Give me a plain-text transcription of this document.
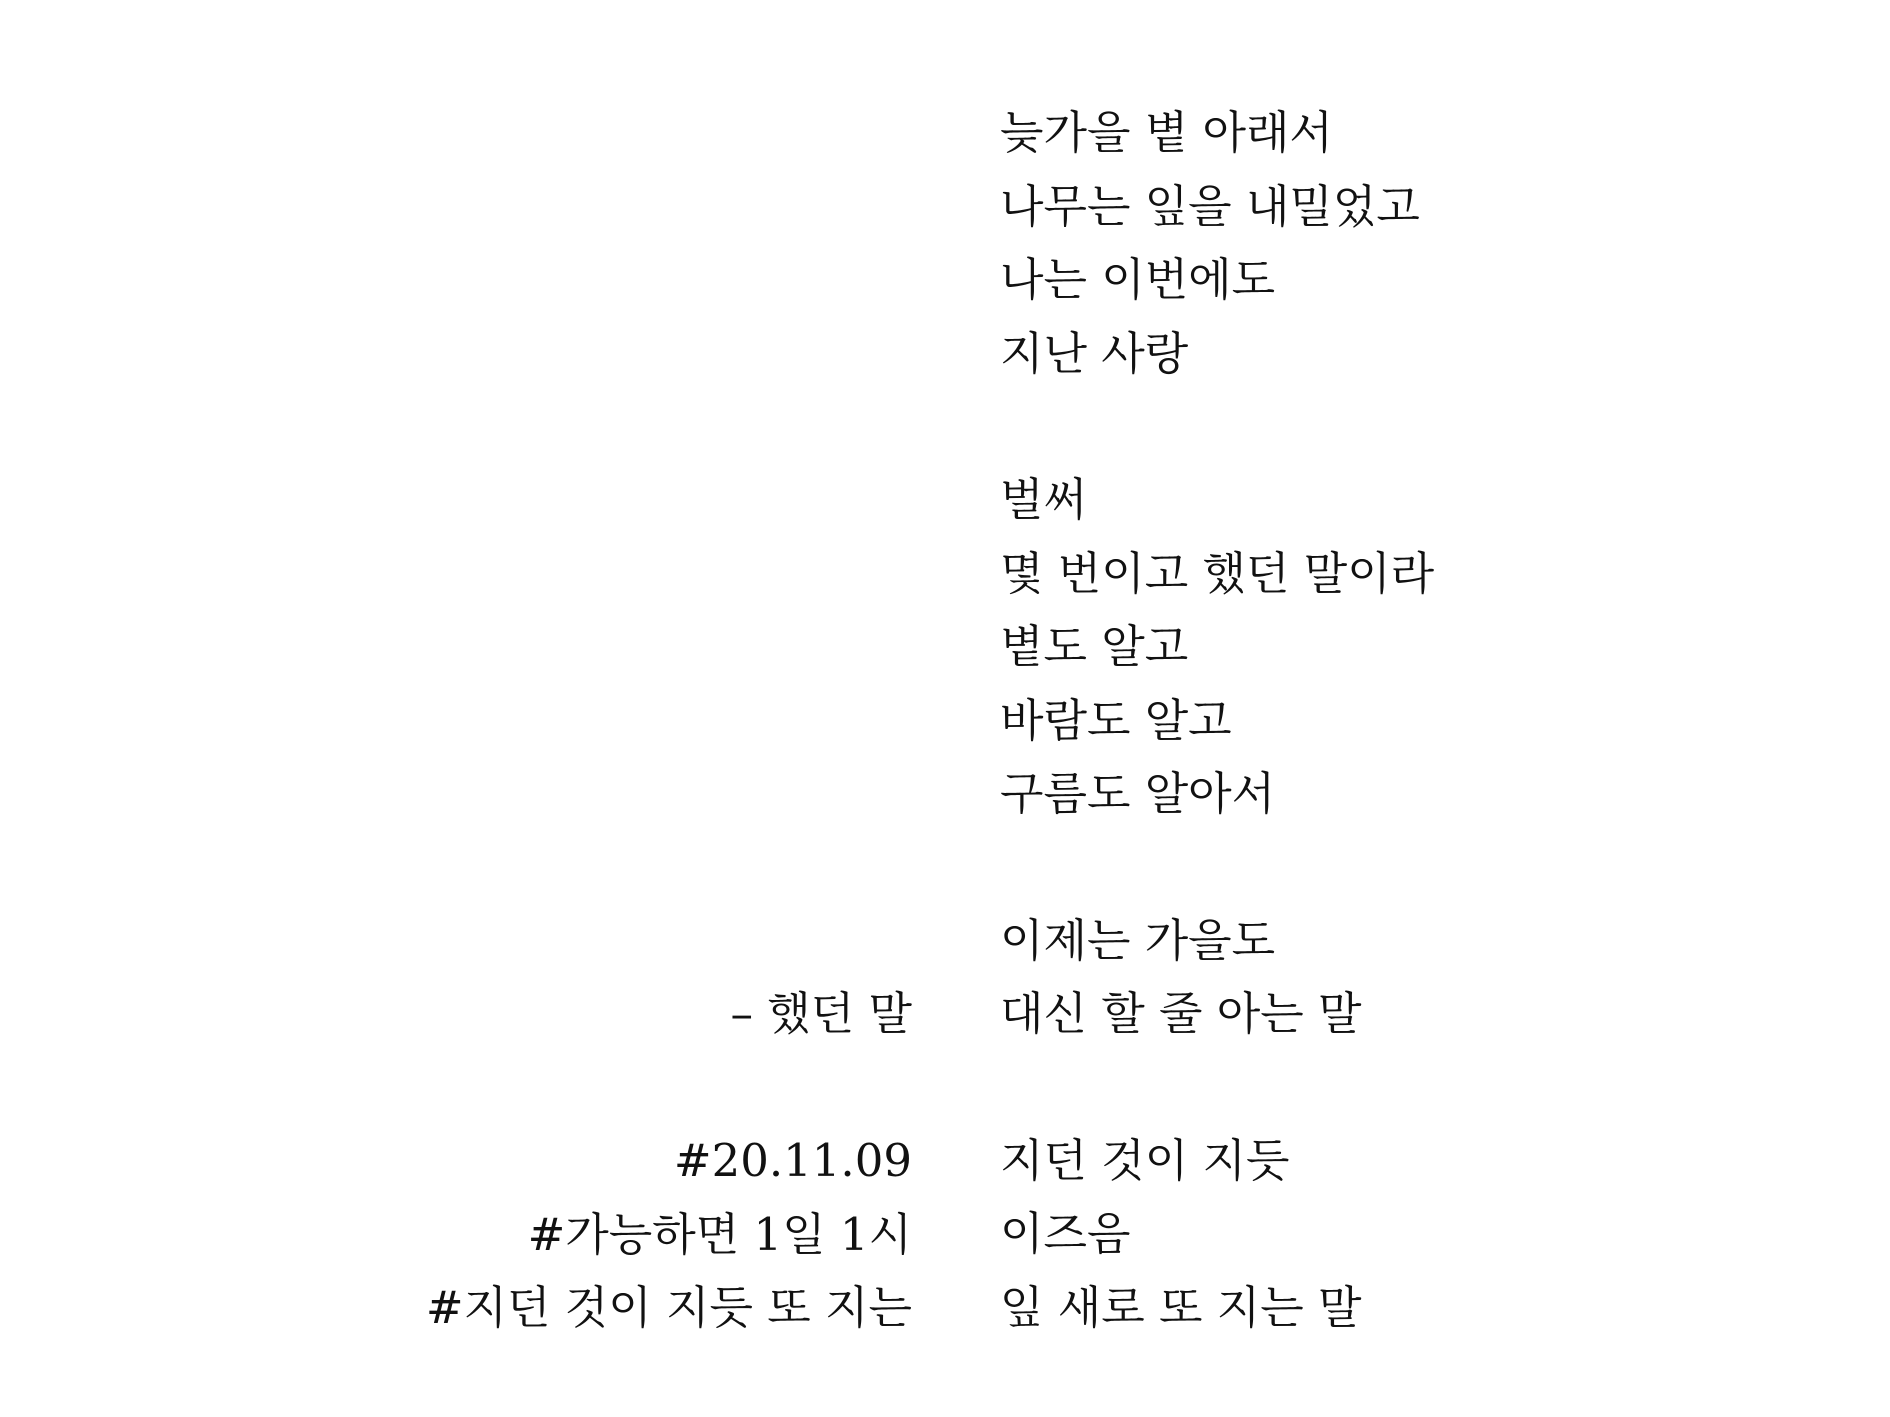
늦가을 볕 아래서
나무는 잎을 내밀었고
나는 이번에도
지난 사랑
벌써
몇 번이고 했던 말이라
볕도 알고
바람도 알고
구름도 알아서
이제는 가을도
대신 할 줄 아는 말
지던 것이 지듯
이즈음
잎 새로 또 지는 말
– 했던 말
#20.11.09
#가능하면 1일 1시
#지던 것이 지듯 또 지는
